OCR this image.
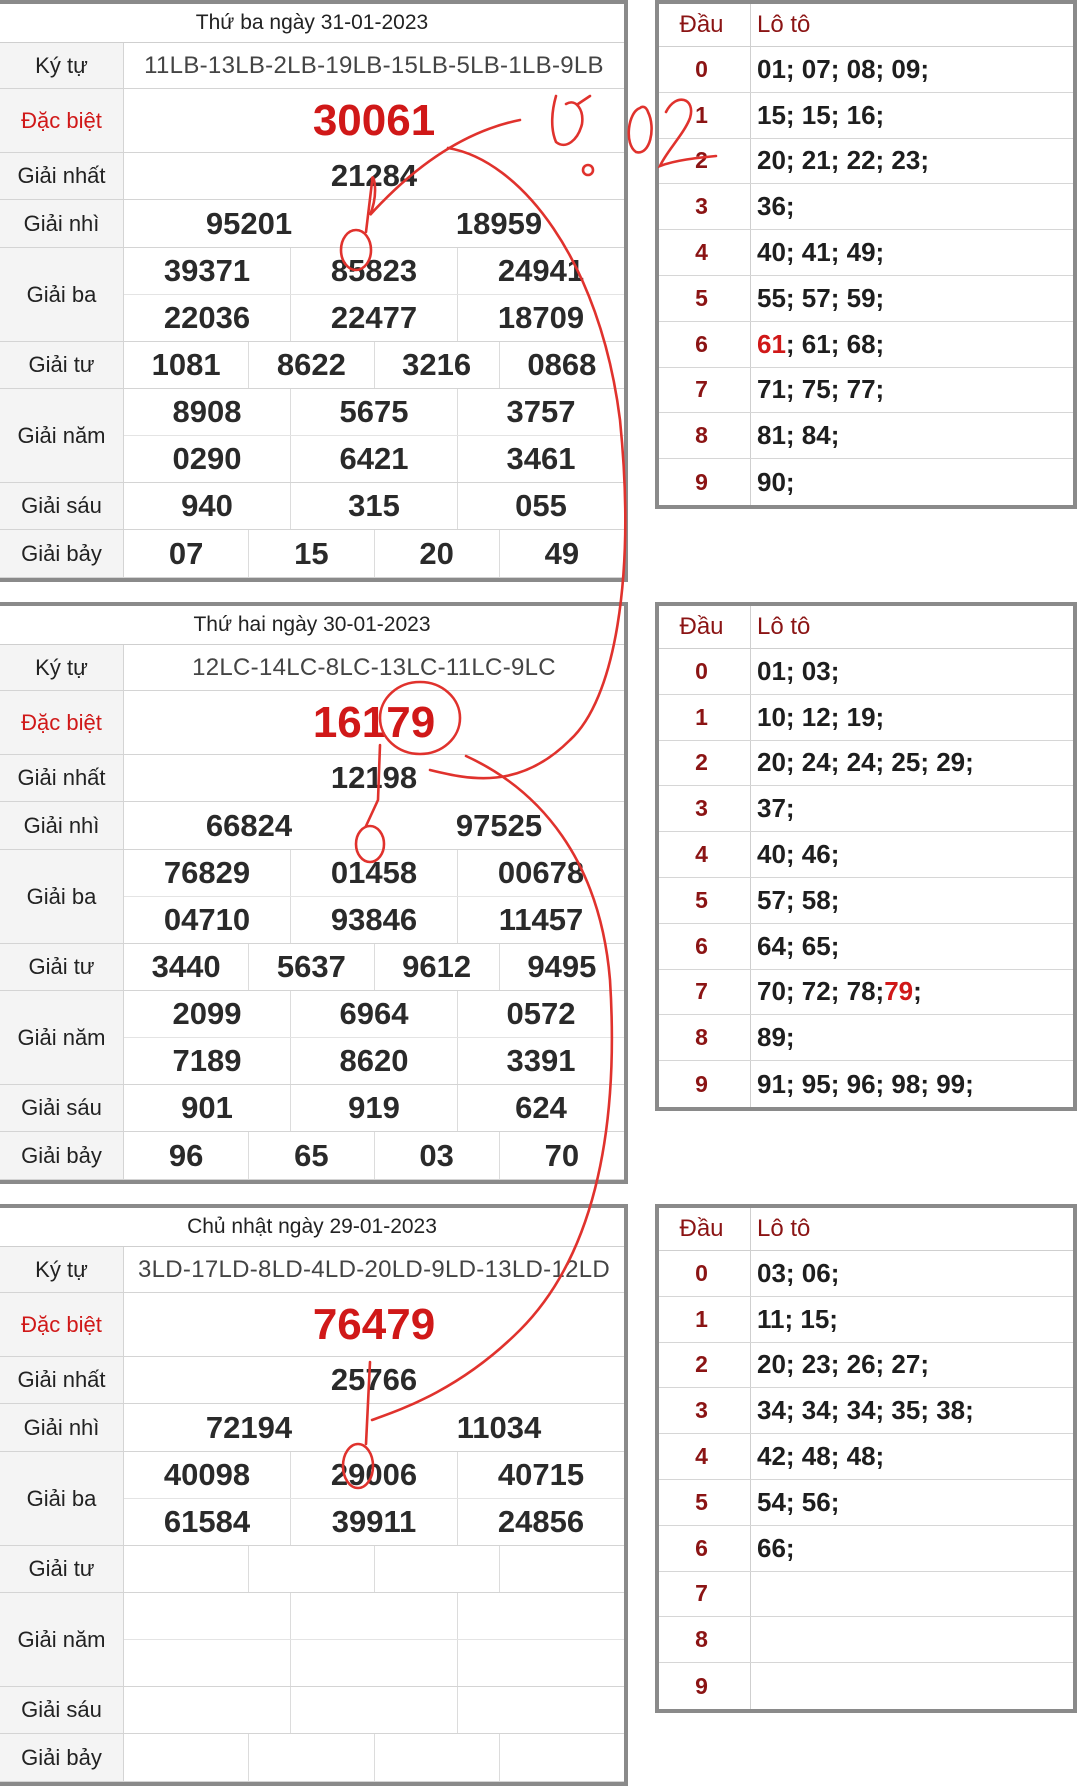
Thứ ba ngày 31-01-2023
Ký tự	11LB-13LB-2LB-19LB-15LB-5LB-1LB-9LB
Đặc biệt	30061
Giải nhất	21284
Giải nhì	95201	18959
Giải ba
39371	85823	24941
22036	22477	18709
Giải tư	1081	8622	3216	0868
Giải năm
8908	5675	3757
0290	6421	3461
Giải sáu	940	315	055
Giải bảy	07	15	20	49
Đầu	Lô tô
0	01; 07; 08; 09;
1	15; 15; 16;
2	20; 21; 22; 23;
3	36;
4	40; 41; 49;
5	55; 57; 59;
6	61 ; 61; 68;
7	71; 75; 77;
8	81; 84;
9	90;
Thứ hai ngày 30-01-2023
Ký tự	12LC-14LC-8LC-13LC-11LC-9LC
Đặc biệt	16179
Giải nhất	12198
Giải nhì	66824	97525
Giải ba
76829	01458	00678
04710	93846	11457
Giải tư	3440	5637	9612	9495
Giải năm
2099	6964	0572
7189	8620	3391
Giải sáu	901	919	624
Giải bảy	96	65	03	70
Đầu	Lô tô
0	01; 03;
1	10; 12; 19;
2	20; 24; 24; 25; 29;
3	37;
4	40; 46;
5	57; 58;
6	64; 65;
7	70; 72; 78; 79 ;
8	89;
9	91; 95; 96; 98; 99;
Chủ nhật ngày 29-01-2023
Ký tự	3LD-17LD-8LD-4LD-20LD-9LD-13LD-12LD
Đặc biệt	76479
Giải nhất	25766
Giải nhì	72194	11034
Giải ba
40098	29006	40715
61584	39911	24856
Giải tư
Giải năm
Giải sáu
Giải bảy
Đầu	Lô tô
0	03; 06;
1	11; 15;
2	20; 23; 26; 27;
3	34; 34; 34; 35; 38;
4	42; 48; 48;
5	54; 56;
6	66;
7
8
9
